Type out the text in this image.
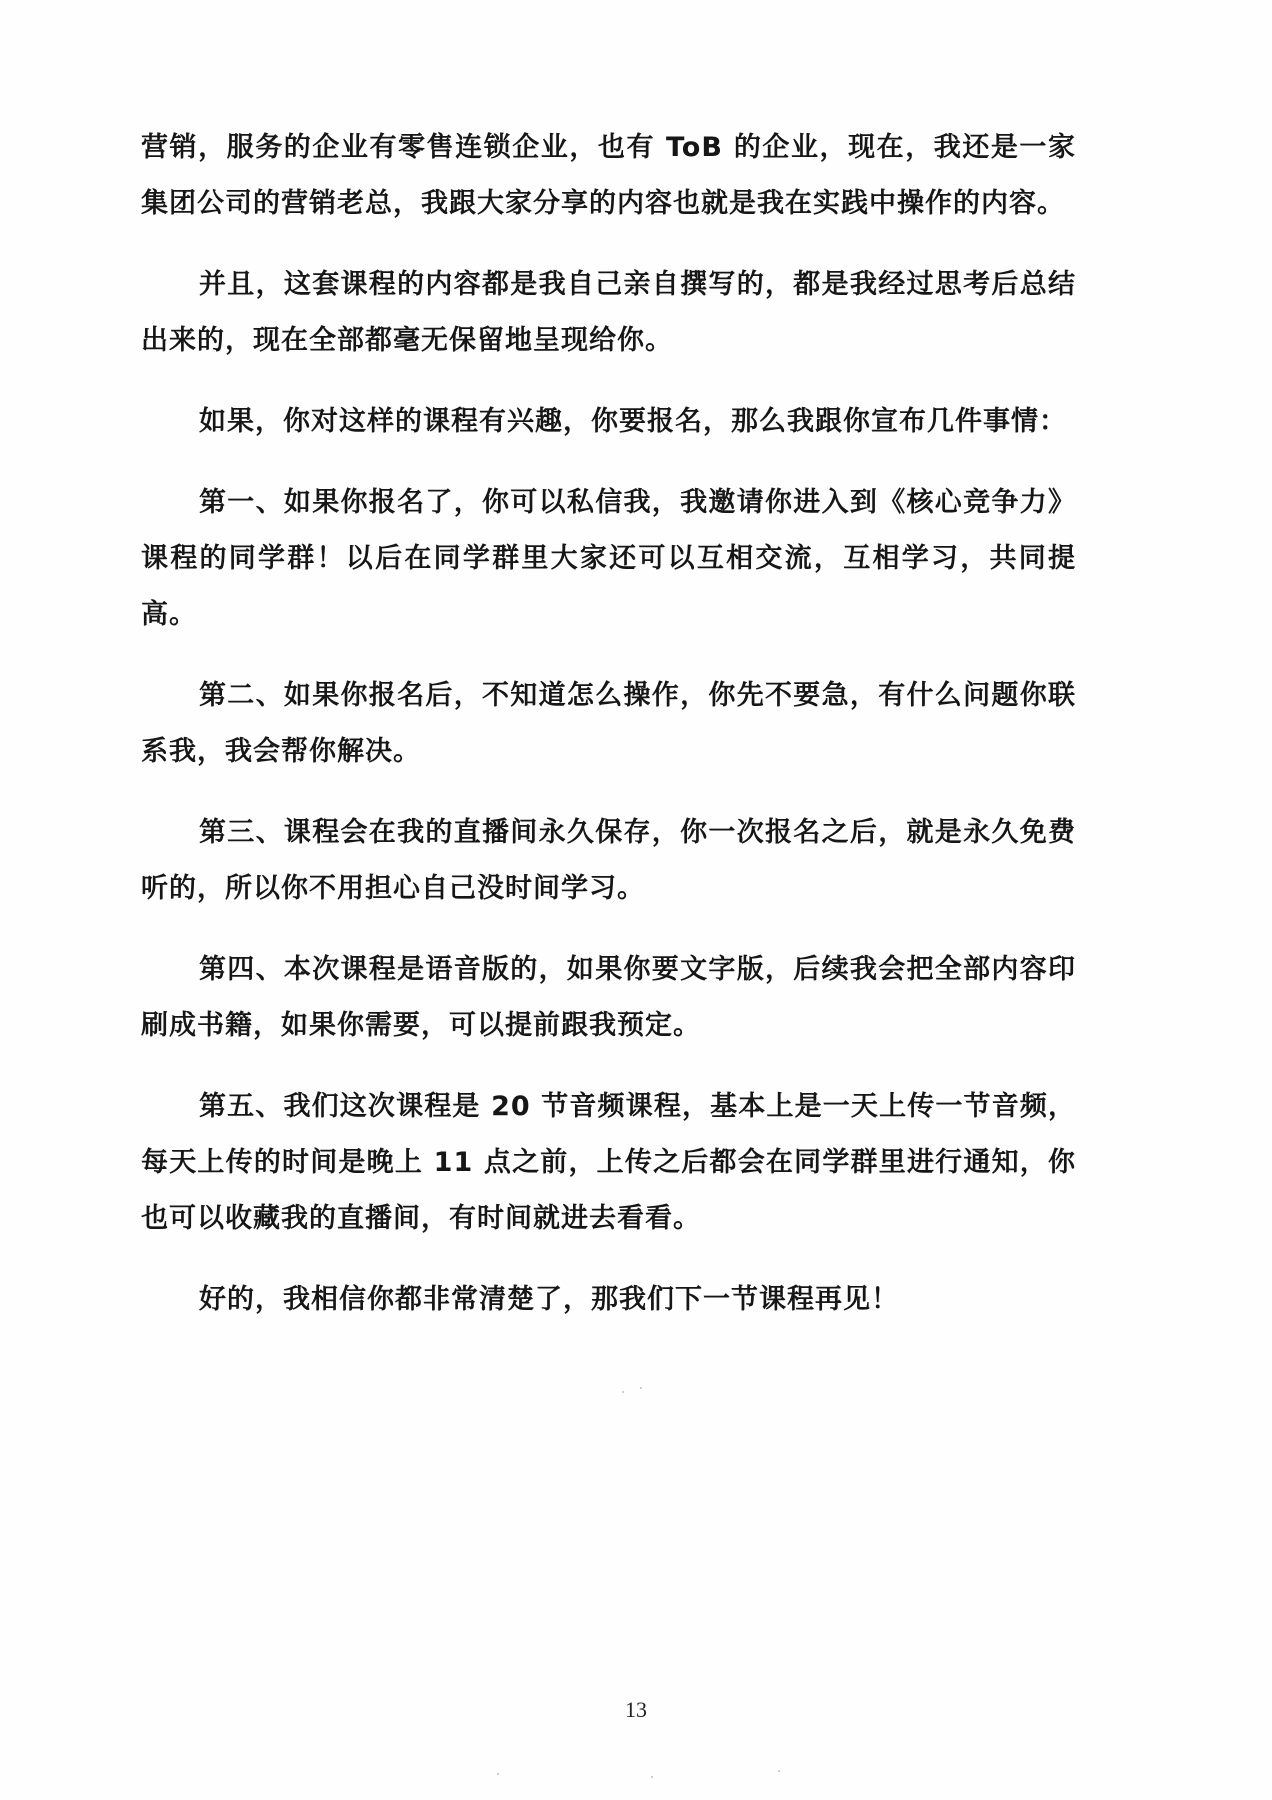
营销，服务的企业有零售连锁企业，也有 ToB 的企业，现在，我还是一家集团公司的营销老总，我跟大家分享的内容也就是我在实践中操作的内容。

并且，这套课程的内容都是我自己亲自撰写的，都是我经过思考后总结出来的，现在全部都毫无保留地呈现给你。

如果，你对这样的课程有兴趣，你要报名，那么我跟你宣布几件事情：

第一、如果你报名了，你可以私信我，我邀请你进入到《核心竞争力》课程的同学群！以后在同学群里大家还可以互相交流，互相学习，共同提高。

第二、如果你报名后，不知道怎么操作，你先不要急，有什么问题你联系我，我会帮你解决。

第三、课程会在我的直播间永久保存，你一次报名之后，就是永久免费听的，所以你不用担心自己没时间学习。

第四、本次课程是语音版的，如果你要文字版，后续我会把全部内容印刷成书籍，如果你需要，可以提前跟我预定。

第五、我们这次课程是 20 节音频课程，基本上是一天上传一节音频，每天上传的时间是晚上 11 点之前，上传之后都会在同学群里进行通知，你也可以收藏我的直播间，有时间就进去看看。

好的，我相信你都非常清楚了，那我们下一节课程再见！

13
